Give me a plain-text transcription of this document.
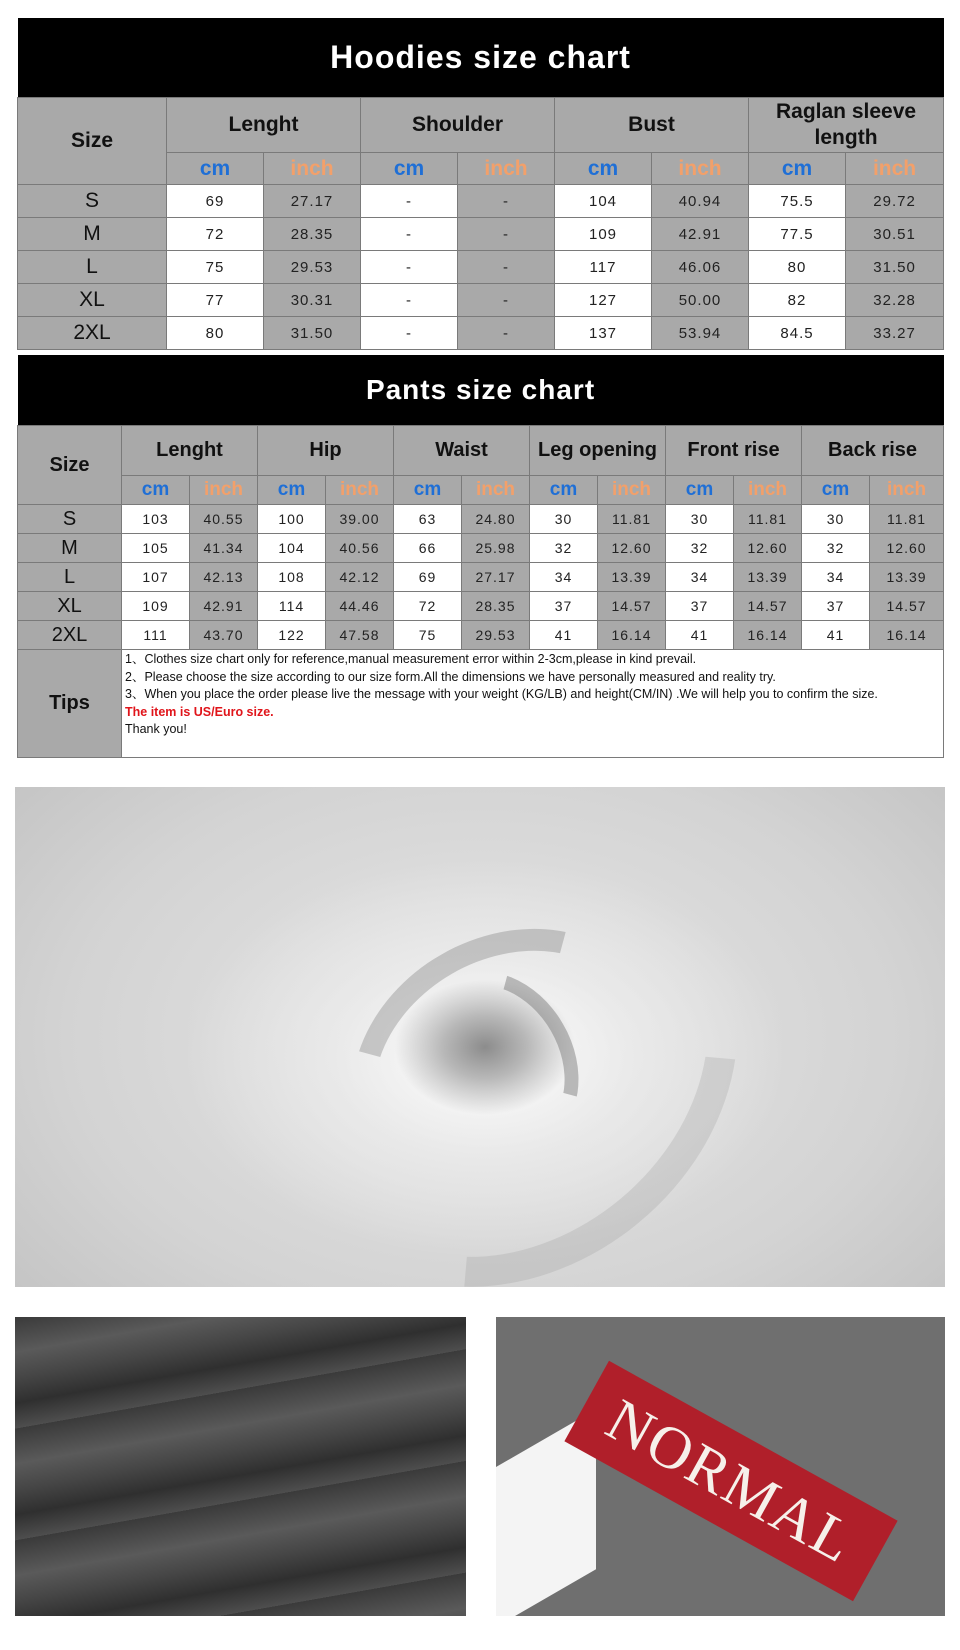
Hoodies size chart								
Size	Lenght		Shoulder		Bust		Raglan sleeve length	
	cm	inch	cm	inch	cm	inch	cm	inch
S	69	27.17	-	-	104	40.94	75.5	29.72
M	72	28.35	-	-	109	42.91	77.5	30.51
L	75	29.53	-	-	117	46.06	80	31.50
XL	77	30.31	-	-	127	50.00	82	32.28
2XL	80	31.50	-	-	137	53.94	84.5	33.27
Pants size chart												
Size	Lenght		Hip		Waist		Leg opening		Front rise		Back rise	
	cm	inch	cm	inch	cm	inch	cm	inch	cm	inch	cm	inch
S	103	40.55	100	39.00	63	24.80	30	11.81	30	11.81	30	11.81
M	105	41.34	104	40.56	66	25.98	32	12.60	32	12.60	32	12.60
L	107	42.13	108	42.12	69	27.17	34	13.39	34	13.39	34	13.39
XL	109	42.91	114	44.46	72	28.35	37	14.57	37	14.57	37	14.57
2XL	111	43.70	122	47.58	75	29.53	41	16.14	41	16.14	41	16.14
Tips	1、Clothes size chart only for reference,manual measurement error within 2-3cm,please in kind prevail.
2、Please choose the size according to our size form.All the dimensions we have personally measured and reality try.
3、When you place the order please live the message with your weight (KG/LB) and height(CM/IN) .We will help you to confirm the size.
The item is US/Euro size.
Thank you!											
NORMAL
